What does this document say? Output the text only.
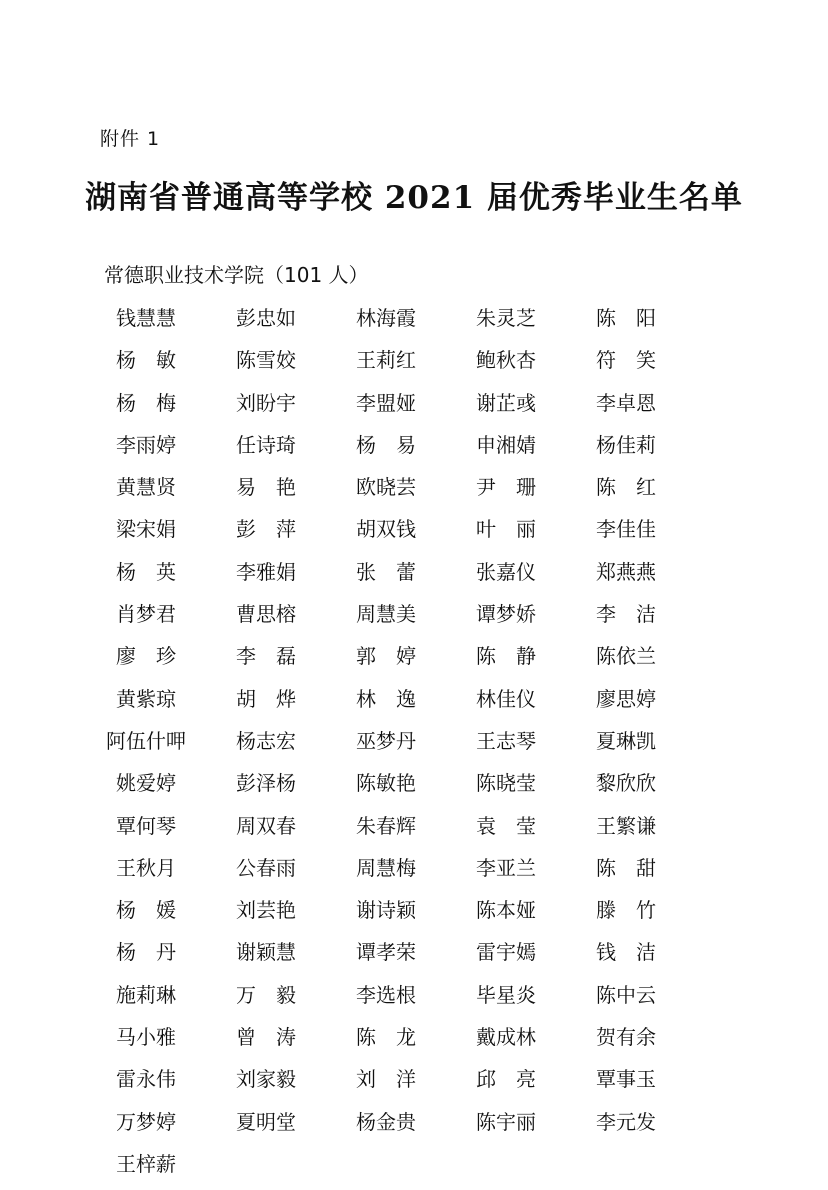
附件 1
湖南省普通高等学校 2021 届优秀毕业生名单
常德职业技术学院（101 人）
钱慧慧	彭忠如	林海霞	朱灵芝	陈　阳
杨　敏	陈雪姣	王莉红	鲍秋杏	符　笑
杨　梅	刘盼宇	李盟娅	谢芷彧	李卓恩
李雨婷	任诗琦	杨　易	申湘婧	杨佳莉
黄慧贤	易　艳	欧晓芸	尹　珊	陈　红
梁宋娟	彭　萍	胡双钱	叶　丽	李佳佳
杨　英	李雅娟	张　蕾	张嘉仪	郑燕燕
肖梦君	曹思榕	周慧美	谭梦娇	李　洁
廖　珍	李　磊	郭　婷	陈　静	陈依兰
黄紫琼	胡　烨	林　逸	林佳仪	廖思婷
阿伍什呷	杨志宏	巫梦丹	王志琴	夏琳凯
姚爱婷	彭泽杨	陈敏艳	陈晓莹	黎欣欣
覃何琴	周双春	朱春辉	袁　莹	王繁谦
王秋月	公春雨	周慧梅	李亚兰	陈　甜
杨　媛	刘芸艳	谢诗颖	陈本娅	滕　竹
杨　丹	谢颖慧	谭孝荣	雷宇嫣	钱　洁
施莉琳	万　毅	李选根	毕星炎	陈中云
马小雅	曾　涛	陈　龙	戴成林	贺有余
雷永伟	刘家毅	刘　洋	邱　亮	覃事玉
万梦婷	夏明堂	杨金贵	陈宇丽	李元发
王梓薪
